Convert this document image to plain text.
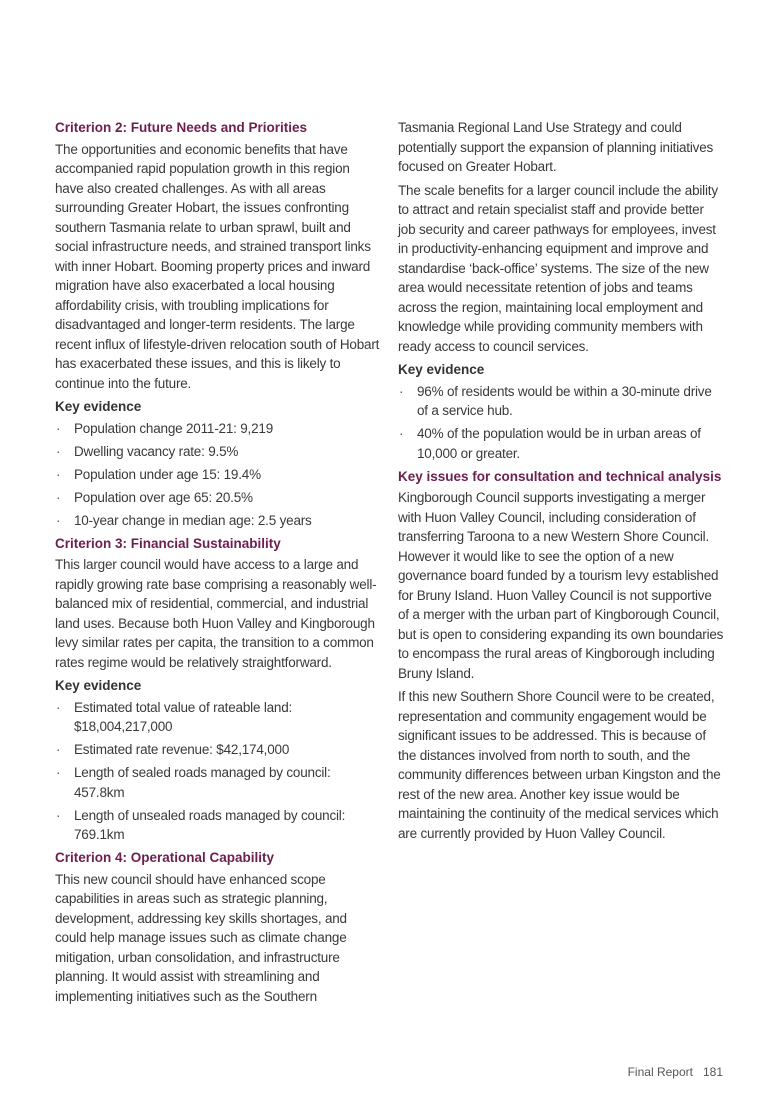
Criterion 2: Future Needs and Priorities

The opportunities and economic benefits that have accompanied rapid population growth in this region have also created challenges. As with all areas surrounding Greater Hobart, the issues confronting southern Tasmania relate to urban sprawl, built and social infrastructure needs, and strained transport links with inner Hobart. Booming property prices and inward migration have also exacerbated a local housing affordability crisis, with troubling implications for disadvantaged and longer-term residents. The large recent influx of lifestyle-driven relocation south of Hobart has exacerbated these issues, and this is likely to continue into the future.

Key evidence
· Population change 2011-21: 9,219
· Dwelling vacancy rate: 9.5%
· Population under age 15: 19.4%
· Population over age 65: 20.5%
· 10-year change in median age: 2.5 years
Criterion 3: Financial Sustainability

This larger council would have access to a large and rapidly growing rate base comprising a reasonably well-balanced mix of residential, commercial, and industrial land uses. Because both Huon Valley and Kingborough levy similar rates per capita, the transition to a common rates regime would be relatively straightforward.

Key evidence
· Estimated total value of rateable land: $18,004,217,000
· Estimated rate revenue: $42,174,000
· Length of sealed roads managed by council: 457.8km
· Length of unsealed roads managed by council: 769.1km
Criterion 4: Operational Capability

This new council should have enhanced scope capabilities in areas such as strategic planning, development, addressing key skills shortages, and could help manage issues such as climate change mitigation, urban consolidation, and infrastructure planning. It would assist with streamlining and implementing initiatives such as the Southern

Tasmania Regional Land Use Strategy and could potentially support the expansion of planning initiatives focused on Greater Hobart.

The scale benefits for a larger council include the ability to attract and retain specialist staff and provide better job security and career pathways for employees, invest in productivity-enhancing equipment and improve and standardise ‘back-office’ systems. The size of the new area would necessitate retention of jobs and teams across the region, maintaining local employment and knowledge while providing community members with ready access to council services.

Key evidence
· 96% of residents would be within a 30-minute drive of a service hub.
· 40% of the population would be in urban areas of 10,000 or greater.
Key issues for consultation and technical analysis

Kingborough Council supports investigating a merger with Huon Valley Council, including consideration of transferring Taroona to a new Western Shore Council. However it would like to see the option of a new governance board funded by a tourism levy established for Bruny Island. Huon Valley Council is not supportive of a merger with the urban part of Kingborough Council, but is open to considering expanding its own boundaries to encompass the rural areas of Kingborough including Bruny Island.

If this new Southern Shore Council were to be created, representation and community engagement would be significant issues to be addressed. This is because of the distances involved from north to south, and the community differences between urban Kingston and the rest of the new area. Another key issue would be maintaining the continuity of the medical services which are currently provided by Huon Valley Council.

Final Report 181
